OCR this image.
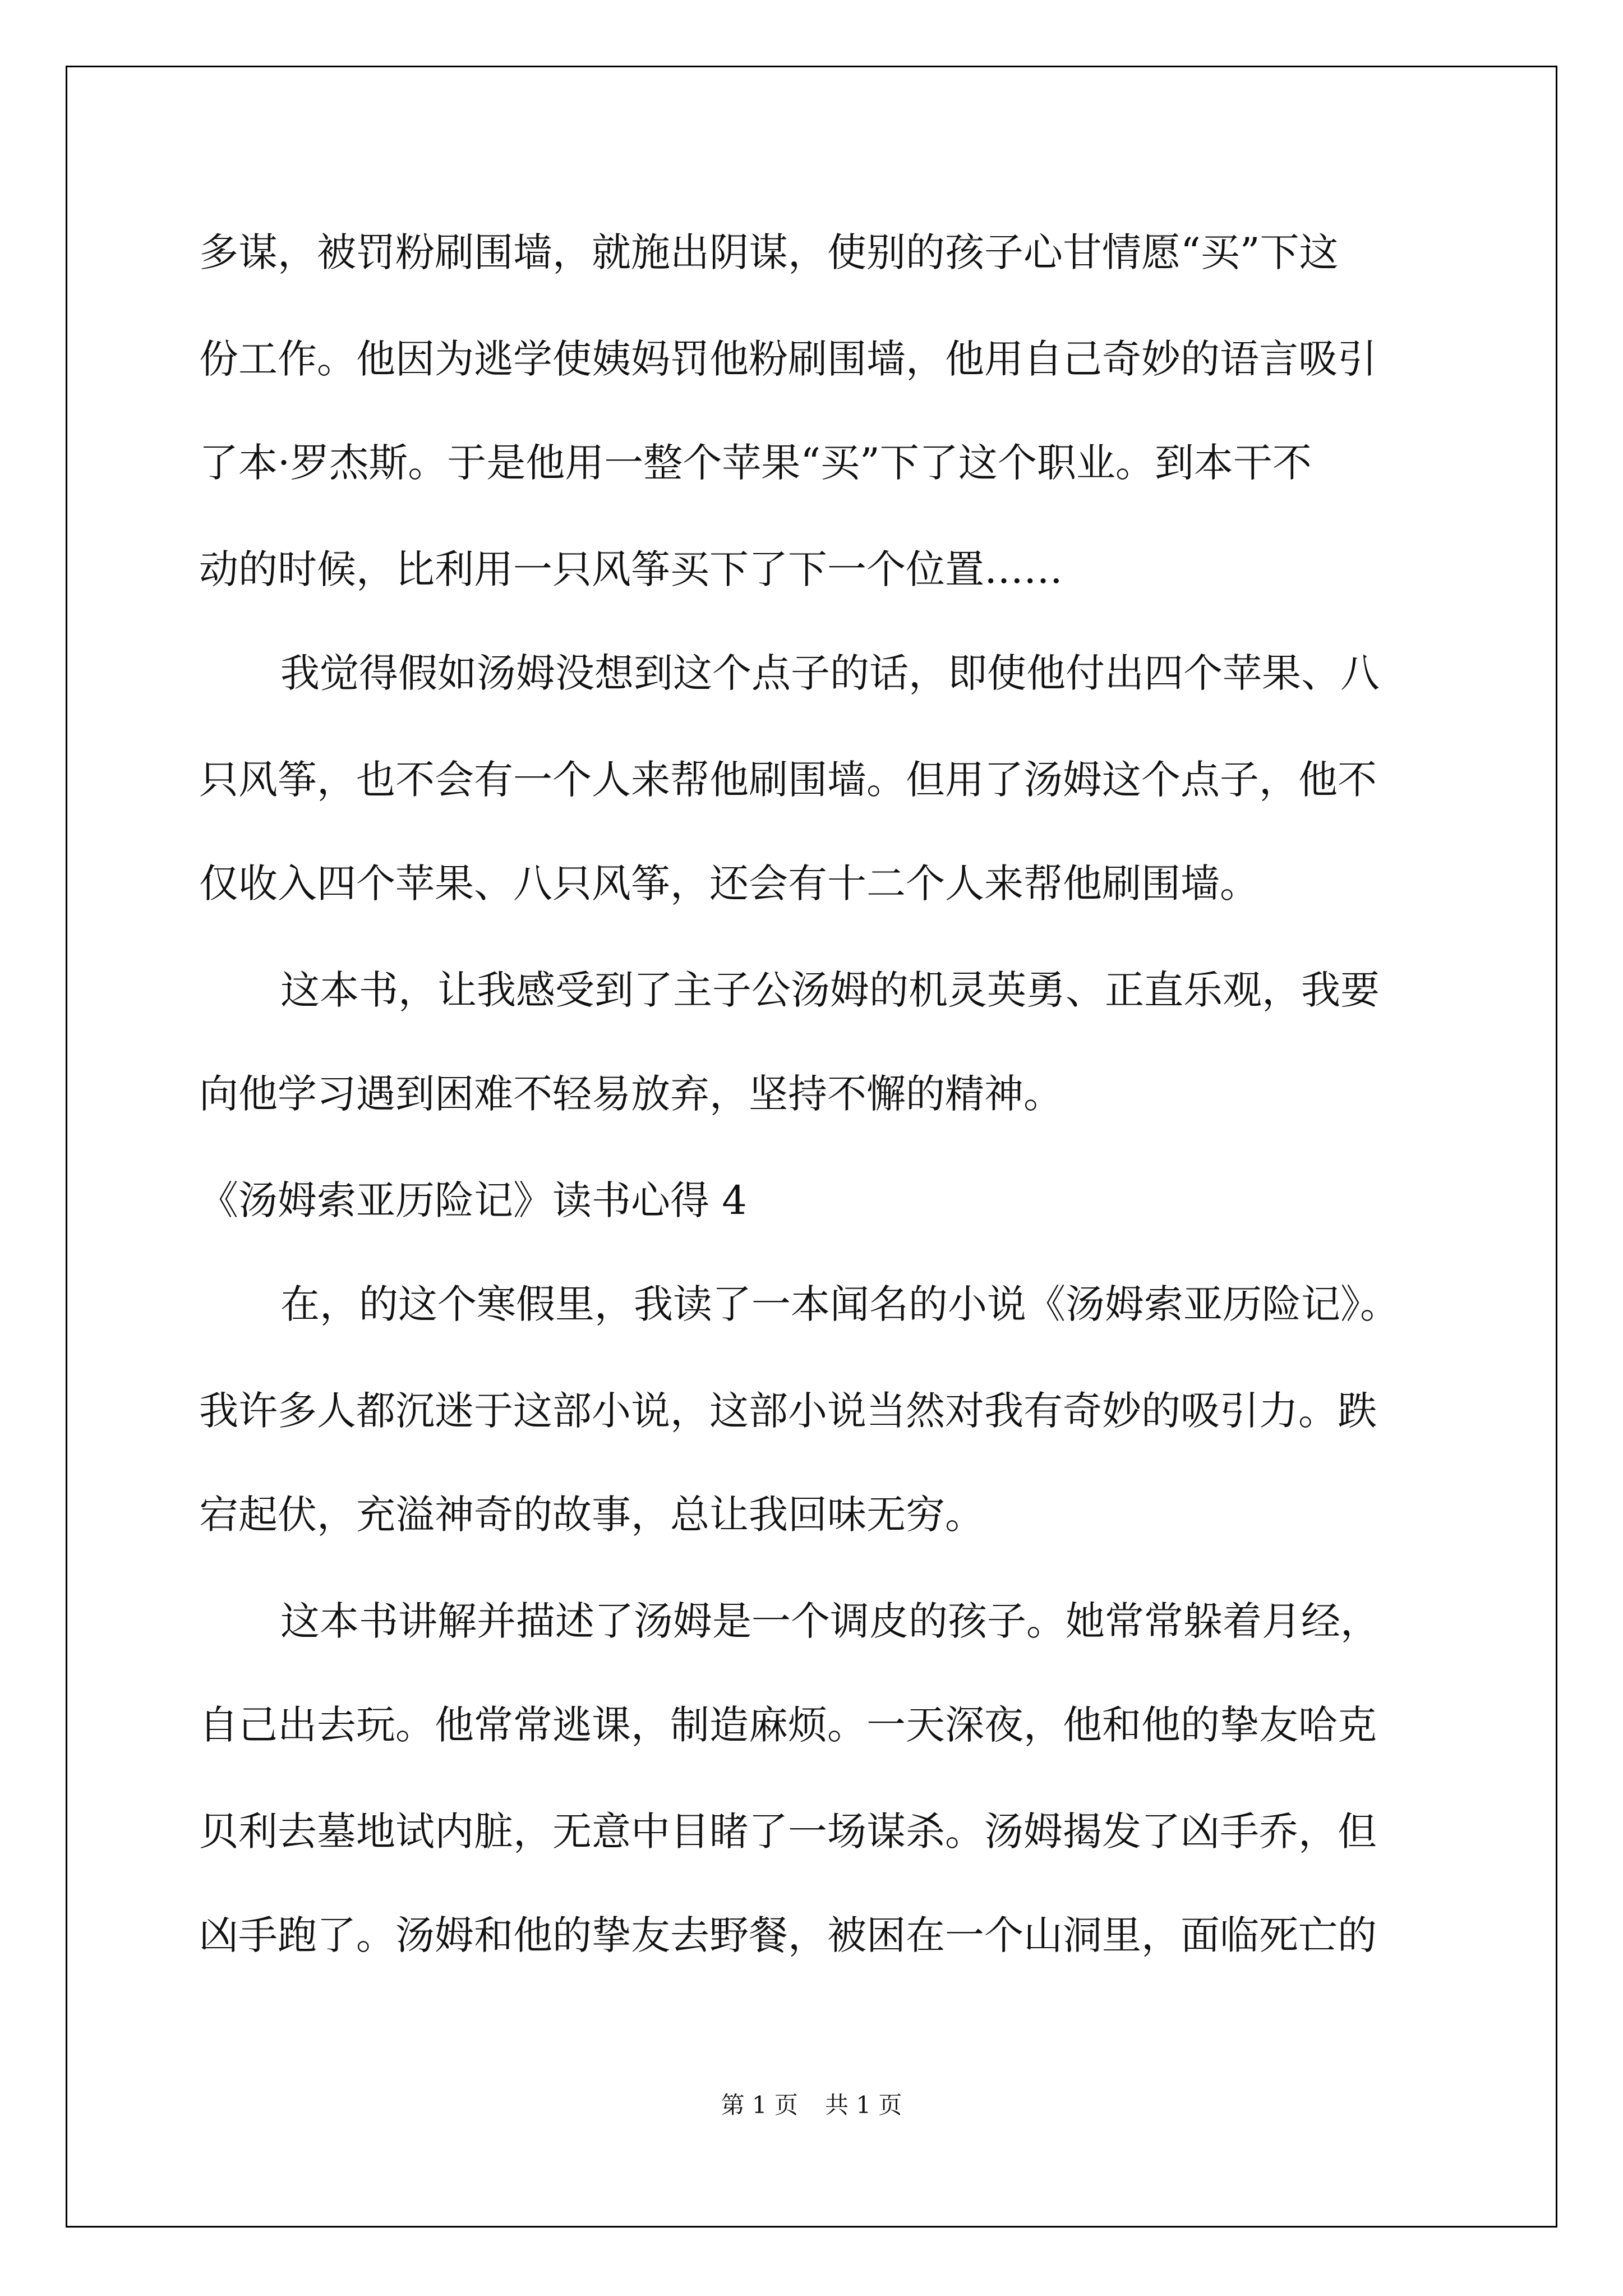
多谋，被罚粉刷围墙，就施出阴谋，使别的孩子心甘情愿“买”下这

份工作。他因为逃学使姨妈罚他粉刷围墙，他用自己奇妙的语言吸引

了本·罗杰斯。于是他用一整个苹果“买”下了这个职业。到本干不

动的时候，比利用一只风筝买下了下一个位置……

我觉得假如汤姆没想到这个点子的话，即使他付出四个苹果、八

只风筝，也不会有一个人来帮他刷围墙。但用了汤姆这个点子，他不

仅收入四个苹果、八只风筝，还会有十二个人来帮他刷围墙。

这本书，让我感受到了主子公汤姆的机灵英勇、正直乐观，我要

向他学习遇到困难不轻易放弃，坚持不懈的精神。

《汤姆索亚历险记》读书心得 4

在，的这个寒假里，我读了一本闻名的小说《汤姆索亚历险记》。

我许多人都沉迷于这部小说，这部小说当然对我有奇妙的吸引力。跌

宕起伏，充溢神奇的故事，总让我回味无穷。

这本书讲解并描述了汤姆是一个调皮的孩子。她常常躲着月经，

自己出去玩。他常常逃课，制造麻烦。一天深夜，他和他的挚友哈克

贝利去墓地试内脏，无意中目睹了一场谋杀。汤姆揭发了凶手乔，但

凶手跑了。汤姆和他的挚友去野餐，被困在一个山洞里，面临死亡的

第 1 页 共 1 页
